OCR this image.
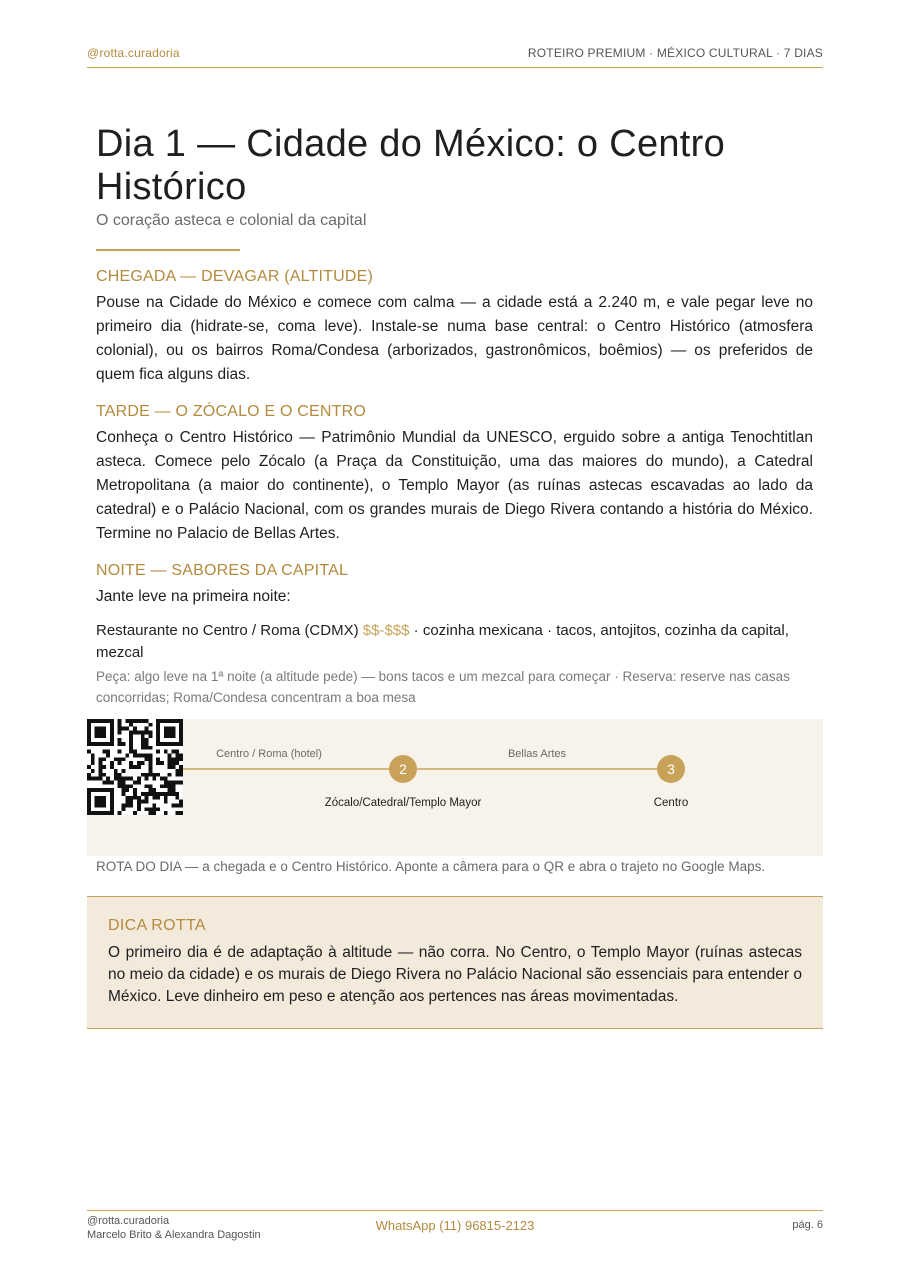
@rotta.curadoria	ROTEIRO PREMIUM · MÉXICO CULTURAL · 7 DIAS
Dia 1 — Cidade do México: o Centro Histórico
O coração asteca e colonial da capital
CHEGADA — DEVAGAR (ALTITUDE)
Pouse na Cidade do México e comece com calma — a cidade está a 2.240 m, e vale pegar leve no primeiro dia (hidrate-se, coma leve). Instale-se numa base central: o Centro Histórico (atmosfera colonial), ou os bairros Roma/Condesa (arborizados, gastronômicos, boêmios) — os preferidos de quem fica alguns dias.
TARDE — O ZÓCALO E O CENTRO
Conheça o Centro Histórico — Patrimônio Mundial da UNESCO, erguido sobre a antiga Tenochtitlan asteca. Comece pelo Zócalo (a Praça da Constituição, uma das maiores do mundo), a Catedral Metropolitana (a maior do continente), o Templo Mayor (as ruínas astecas escavadas ao lado da catedral) e o Palácio Nacional, com os grandes murais de Diego Rivera contando a história do México. Termine no Palacio de Bellas Artes.
NOITE — SABORES DA CAPITAL
Jante leve na primeira noite:
Restaurante no Centro / Roma (CDMX) $$-$$$ · cozinha mexicana · tacos, antojitos, cozinha da capital, mezcal
Peça: algo leve na 1ª noite (a altitude pede) — bons tacos e um mezcal para começar · Reserva: reserve nas casas concorridas; Roma/Condesa concentram a boa mesa
Centro / Roma (hotel)	Bellas Artes
2
Zócalo/Catedral/Templo Mayor
3
Centro
ROTA DO DIA — a chegada e o Centro Histórico. Aponte a câmera para o QR e abra o trajeto no Google Maps.
DICA ROTTA
O primeiro dia é de adaptação à altitude — não corra. No Centro, o Templo Mayor (ruínas astecas no meio da cidade) e os murais de Diego Rivera no Palácio Nacional são essenciais para entender o México. Leve dinheiro em peso e atenção aos pertences nas áreas movimentadas.
@rotta.curadoria
Marcelo Brito & Alexandra Dagostin
WhatsApp (11) 96815-2123	pág. 6
